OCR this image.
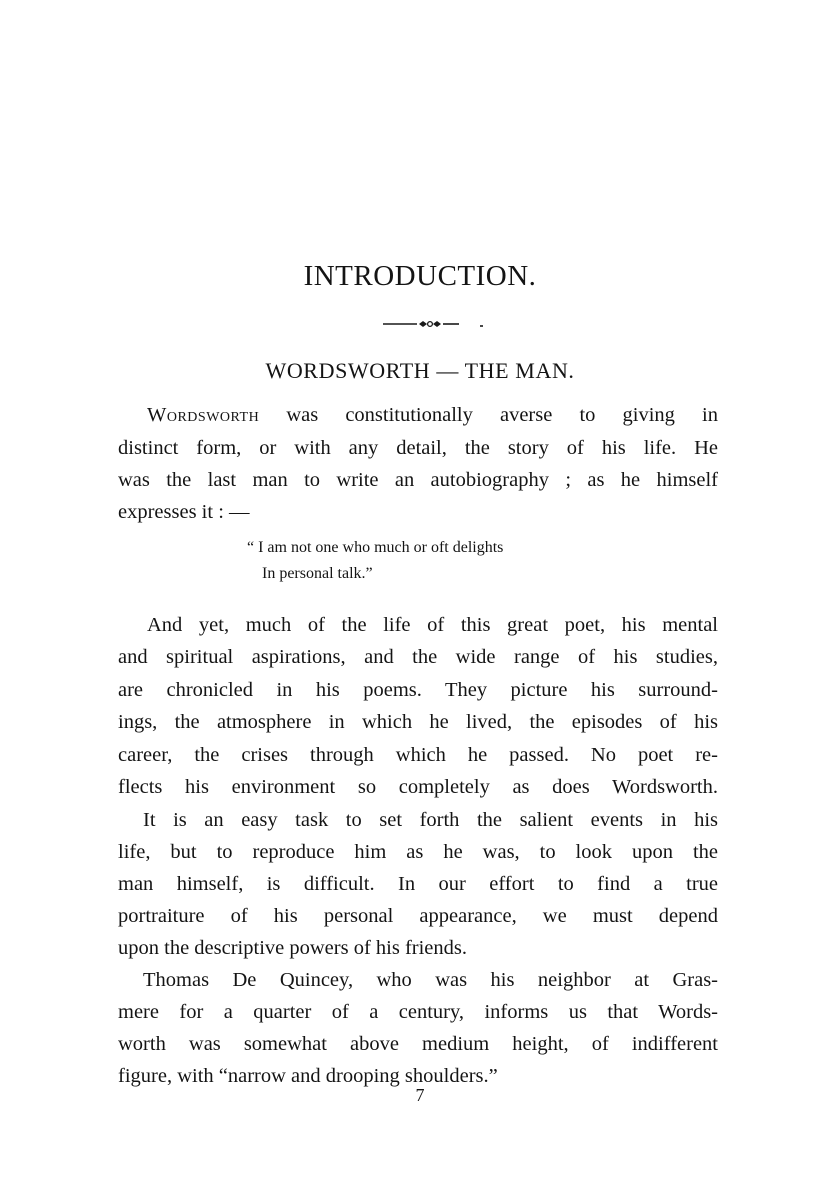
INTRODUCTION.
WORDSWORTH — THE MAN.
Wordsworth was constitutionally averse to giving in
distinct form, or with any detail, the story of his life. He
was the last man to write an autobiography ; as he himself
expresses it : —
“ I am not one who much or oft delights
In personal talk.”
And yet, much of the life of this great poet, his mental
and spiritual aspirations, and the wide range of his studies,
are chronicled in his poems. They picture his surround-
ings, the atmosphere in which he lived, the episodes of his
career, the crises through which he passed. No poet re-
flects his environment so completely as does Wordsworth.
It is an easy task to set forth the salient events in his
life, but to reproduce him as he was, to look upon the
man himself, is difficult. In our effort to find a true
portraiture of his personal appearance, we must depend
upon the descriptive powers of his friends.
Thomas De Quincey, who was his neighbor at Gras-
mere for a quarter of a century, informs us that Words-
worth was somewhat above medium height, of indifferent
figure, with “narrow and drooping shoulders.”
7
